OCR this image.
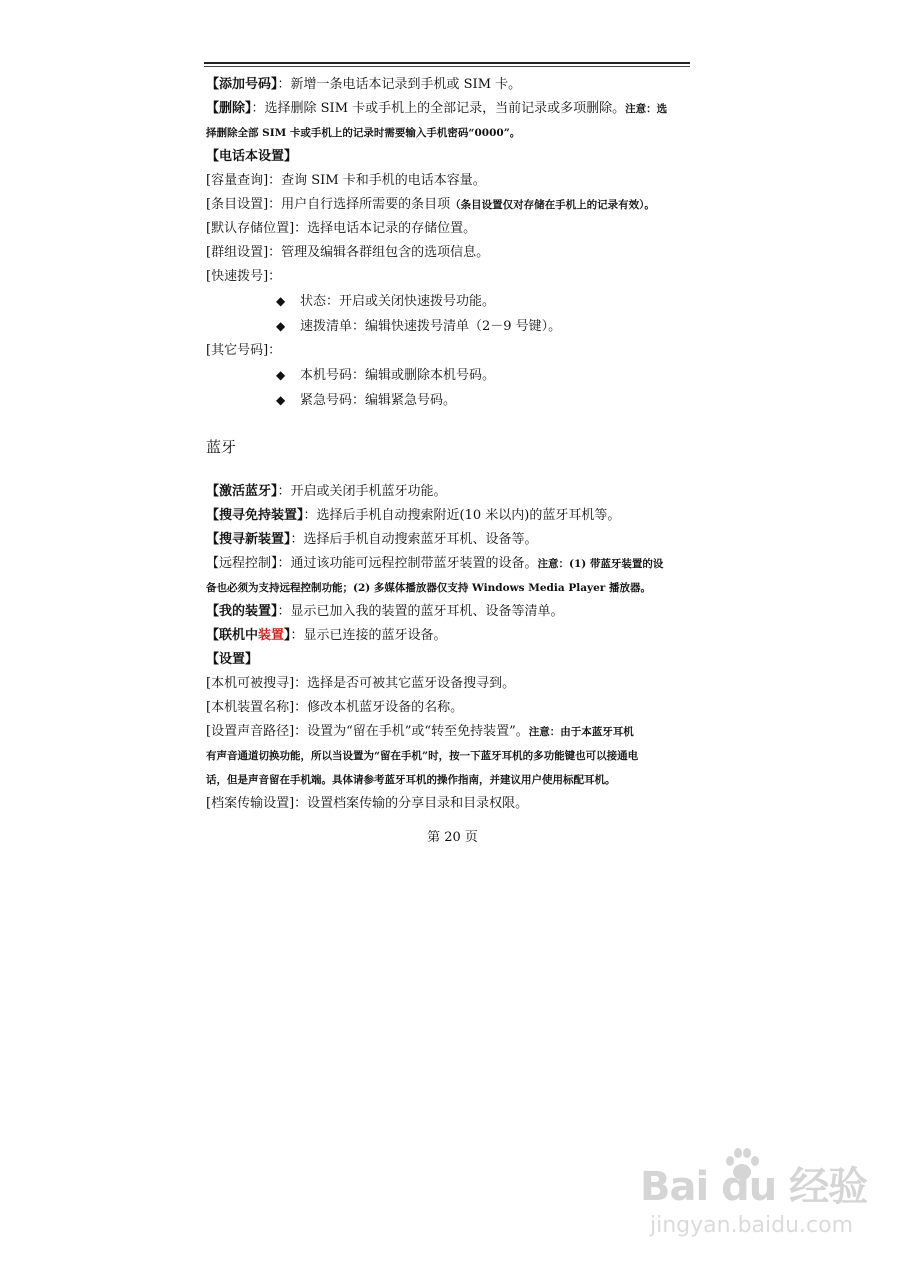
【添加号码】：新增一条电话本记录到手机或 SIM 卡。
【删除】：选择删除 SIM 卡或手机上的全部记录，当前记录或多项删除。注意：选
择删除全部 SIM 卡或手机上的记录时需要输入手机密码“0000”。
【电话本设置】
[容量查询]：查询 SIM 卡和手机的电话本容量。
[条目设置]：用户自行选择所需要的条目项（条目设置仅对存储在手机上的记录有效）。
[默认存储位置]：选择电话本记录的存储位置。
[群组设置]：管理及编辑各群组包含的选项信息。
[快速拨号]：
◆ 状态：开启或关闭快速拨号功能。
◆ 速拨清单：编辑快速拨号清单（2－9 号键）。
[其它号码]：
◆ 本机号码：编辑或删除本机号码。
◆ 紧急号码：编辑紧急号码。
蓝牙
【激活蓝牙】：开启或关闭手机蓝牙功能。
【搜寻免持装置】：选择后手机自动搜索附近(10 米以内)的蓝牙耳机等。
【搜寻新装置】：选择后手机自动搜索蓝牙耳机、设备等。
【远程控制】：通过该功能可远程控制带蓝牙装置的设备。注意：(1) 带蓝牙装置的设
备也必须为支持远程控制功能；(2) 多媒体播放器仅支持 Windows Media Player 播放器。
【我的装置】：显示已加入我的装置的蓝牙耳机、设备等清单。
【联机中装置】：显示已连接的蓝牙设备。
【设置】
[本机可被搜寻]：选择是否可被其它蓝牙设备搜寻到。
[本机装置名称]：修改本机蓝牙设备的名称。
[设置声音路径]：设置为“留在手机”或“转至免持装置”。注意：由于本蓝牙耳机
有声音通道切换功能，所以当设置为“留在手机”时，按一下蓝牙耳机的多功能键也可以接通电
话，但是声音留在手机端。具体请参考蓝牙耳机的操作指南，并建议用户使用标配耳机。
[档案传输设置]：设置档案传输的分享目录和目录权限。
第 20 页
Bai du 经验
jingyan.baidu.com
